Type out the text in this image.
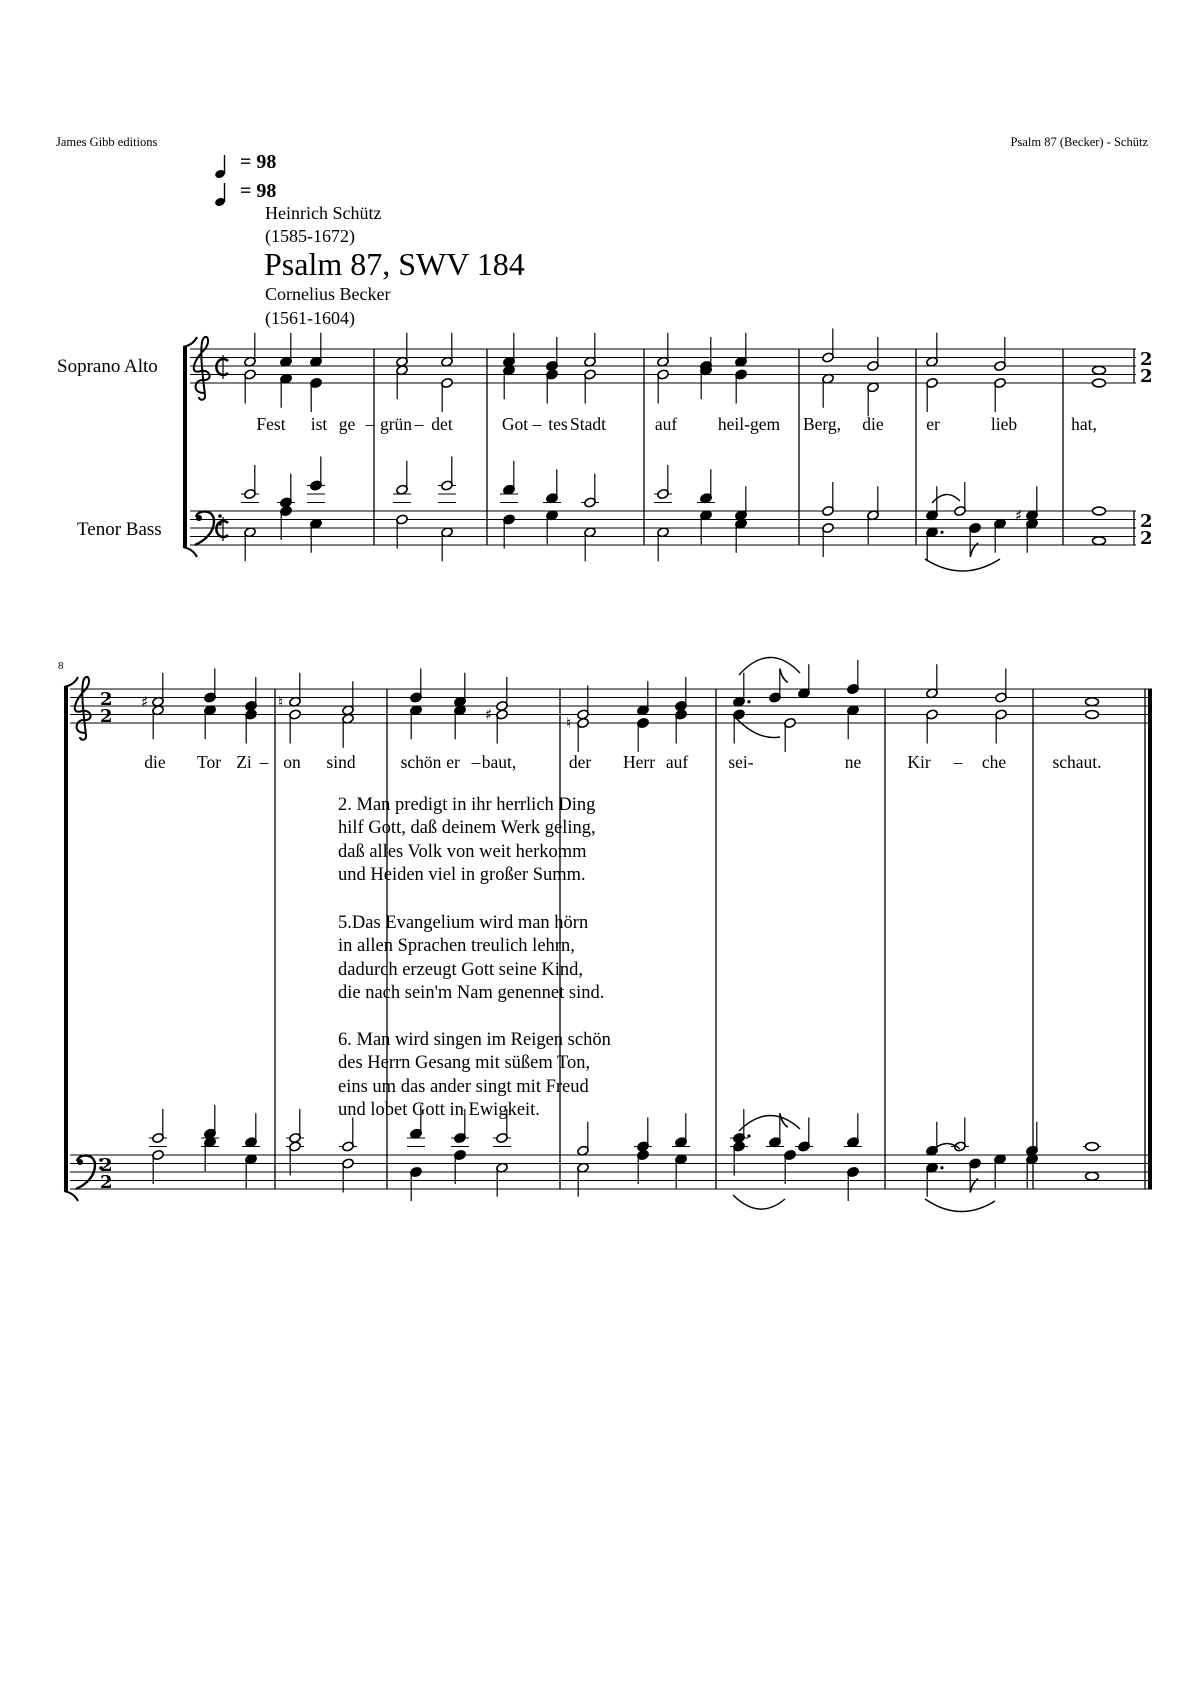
2
2
2
2
♯
2
2
2
2
♯	♮
♯	♮
James Gibb editions	Psalm 87 (Becker) - Schütz
= 98
= 98
Heinrich Schütz
(1585-1672)
Psalm 87, SWV 184
Cornelius Becker
(1561-1604)
Soprano Alto
Tenor Bass
8
Fest ist ge – grün – det	Got – tes Stadt	auf heil-gem Berg, die er	lieb	hat,
die Tor Zi – on sind	schön er – baut,	der Herr auf sei-	ne	Kir – che	schaut.
2. Man predigt in ihr herrlich Ding
hilf Gott, daß deinem Werk geling,
daß alles Volk von weit herkomm
und Heiden viel in großer Summ.
5.Das Evangelium wird man hörn
in allen Sprachen treulich lehrn,
dadurch erzeugt Gott seine Kind,
die nach sein'm Nam genennet sind.
6. Man wird singen im Reigen schön
des Herrn Gesang mit süßem Ton,
eins um das ander singt mit Freud
und lobet Gott in Ewigkeit.
